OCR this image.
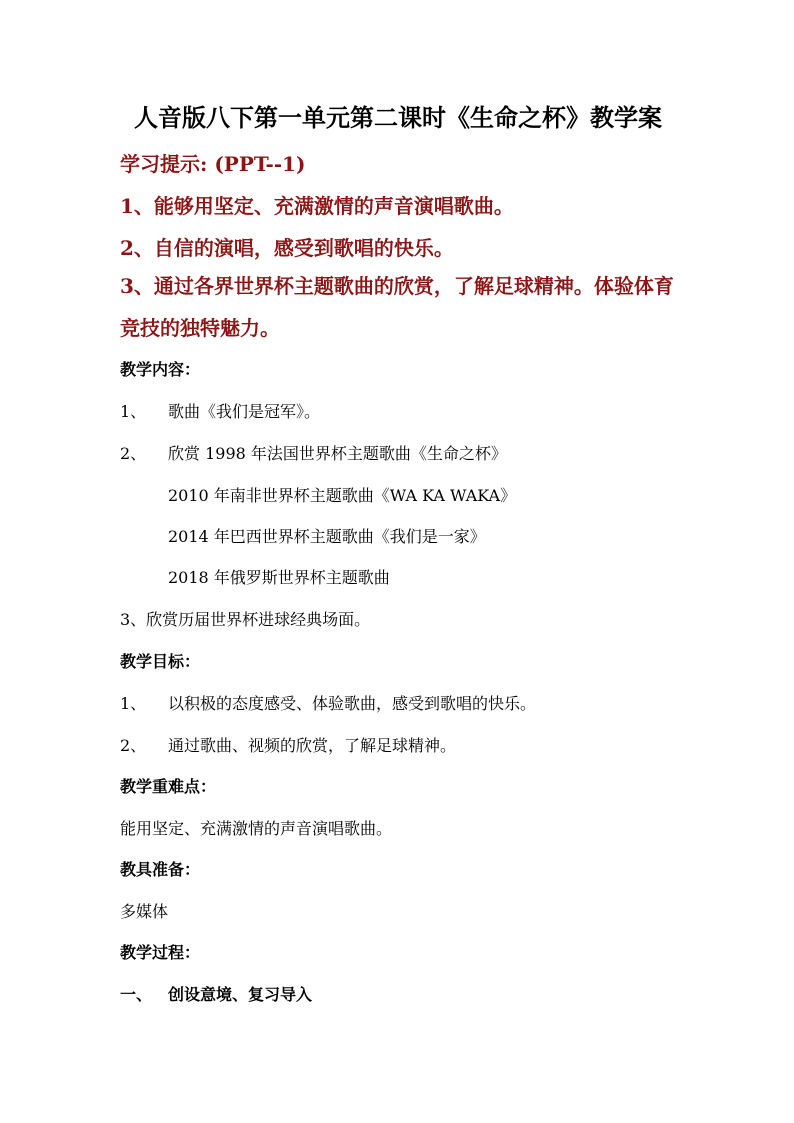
人音版八下第一单元第二课时《生命之杯》教学案
学习提示: (PPT--1)
1、能够用坚定、充满激情的声音演唱歌曲。
2、自信的演唱，感受到歌唱的快乐。
3、通过各界世界杯主题歌曲的欣赏，了解足球精神。体验体育竞技的独特魅力。
教学内容：
1、 歌曲《我们是冠军》。
2、 欣赏 1998 年法国世界杯主题歌曲《生命之杯》
2010 年南非世界杯主题歌曲《WA KA WAKA》
2014 年巴西世界杯主题歌曲《我们是一家》
2018 年俄罗斯世界杯主题歌曲
3、欣赏历届世界杯进球经典场面。
教学目标：
1、 以积极的态度感受、体验歌曲，感受到歌唱的快乐。
2、 通过歌曲、视频的欣赏，了解足球精神。
教学重难点：
能用坚定、充满激情的声音演唱歌曲。
教具准备：
多媒体
教学过程：
一、 创设意境、复习导入
